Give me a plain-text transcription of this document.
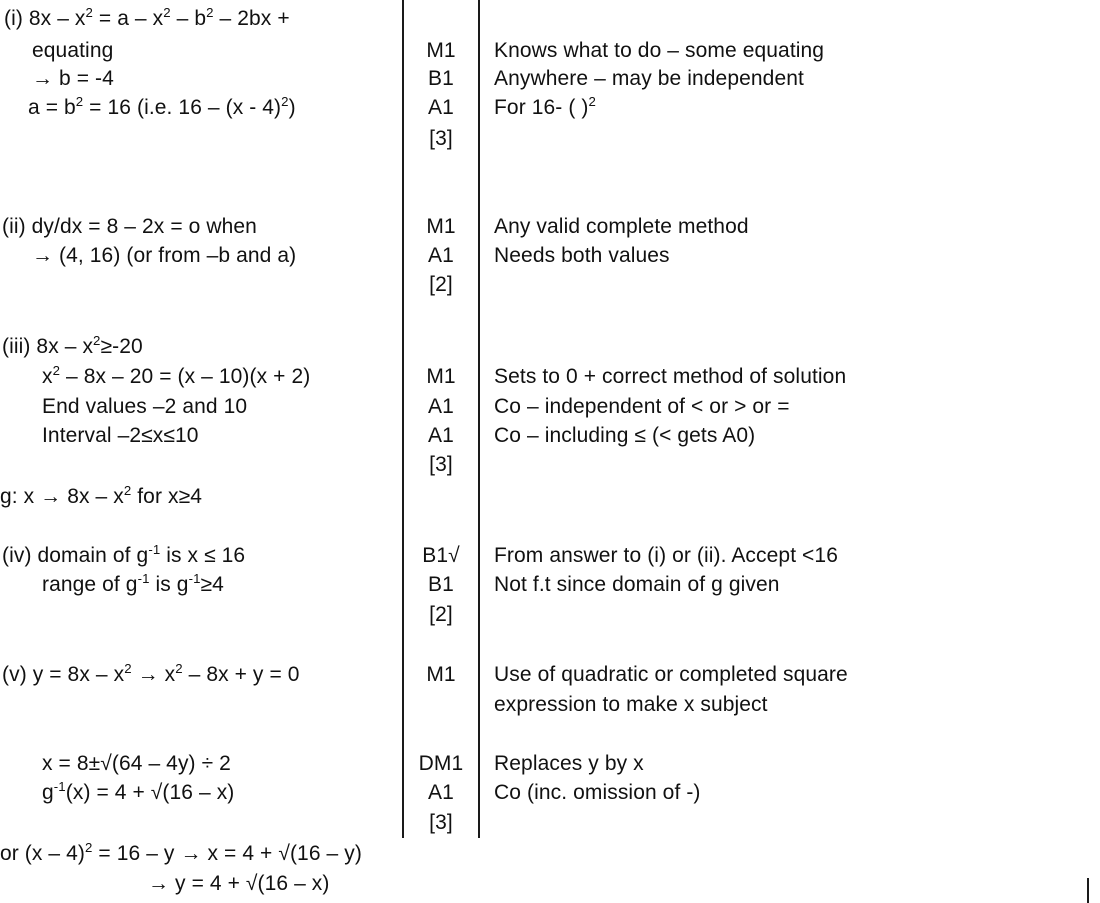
(i) $8x - x^2 = a - x^2 - b^2 - 2bx$ +
equating	M1	Knows what to do – some equating
→ b = -4	B1	Anywhere – may be independent
$a = b^2 = 16$ (i.e. 16 – (x - 4)$^2$)	A1	For 16- ( )$^2$
[3]
(ii) dy/dx = 8 – 2x = o when	M1	Any valid complete method
→ (4, 16) (or from –b and a)	A1	Needs both values
[2]
(iii) $8x - x^2\ge-20$
$x^2 - 8x - 20 = (x - 10)(x + 2)$	M1	Sets to 0 + correct method of solution
End values –2 and 10	A1	Co – independent of < or > or =
Interval –2≤x≤10	A1	Co – including ≤ (< gets A0)
[3]
g: $x \to 8x - x^2$ for x≥4
(iv) domain of $g^{-1}$ is x ≤ 16	B1√	From answer to (i) or (ii). Accept <16
range of $g^{-1}$ is $g^{-1}\ge 4$	B1	Not f.t since domain of g given
[2]
(v) $y = 8x - x^2 \to x^2 - 8x + y = 0$	M1	Use of quadratic or completed square
expression to make x subject
x = 8±√(64 – 4y) ÷ 2	DM1	Replaces y by x
$g^{-1}(x) = 4 + √(16 - x)$	A1	Co (inc. omission of -)
[3]
or (x – 4)$^2$ = 16 – y → x = 4 + √(16 – y)
→ y = 4 + √(16 – x)
